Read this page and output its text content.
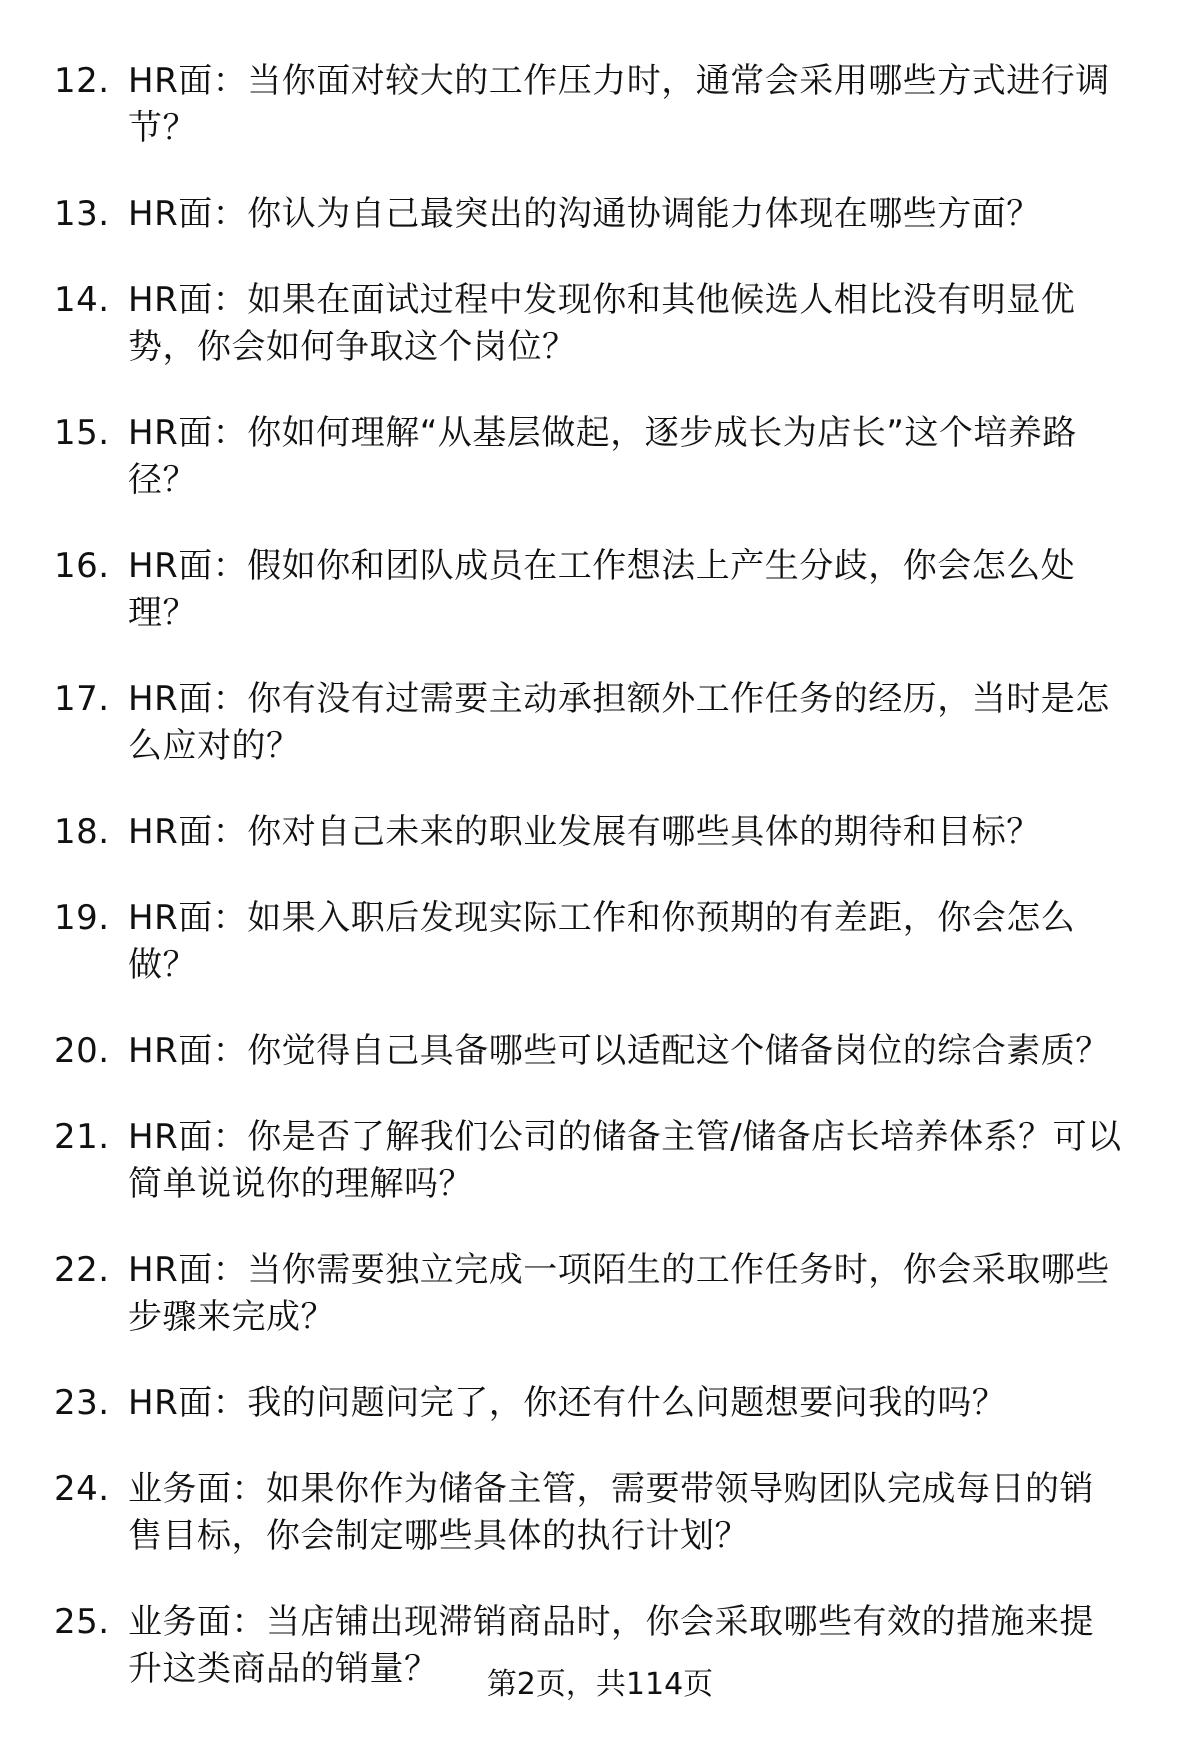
12. HR面：当你面对较大的工作压力时，通常会采用哪些方式进行调节？
13. HR面：你认为自己最突出的沟通协调能力体现在哪些方面？
14. HR面：如果在面试过程中发现你和其他候选人相比没有明显优势，你会如何争取这个岗位？
15. HR面：你如何理解“从基层做起，逐步成长为店长”这个培养路径？
16. HR面：假如你和团队成员在工作想法上产生分歧，你会怎么处理？
17. HR面：你有没有过需要主动承担额外工作任务的经历，当时是怎么应对的？
18. HR面：你对自己未来的职业发展有哪些具体的期待和目标？
19. HR面：如果入职后发现实际工作和你预期的有差距，你会怎么做？
20. HR面：你觉得自己具备哪些可以适配这个储备岗位的综合素质？
21. HR面：你是否了解我们公司的储备主管/储备店长培养体系？可以简单说说你的理解吗？
22. HR面：当你需要独立完成一项陌生的工作任务时，你会采取哪些步骤来完成？
23. HR面：我的问题问完了，你还有什么问题想要问我的吗？
24. 业务面：如果你作为储备主管，需要带领导购团队完成每日的销售目标，你会制定哪些具体的执行计划？
25. 业务面：当店铺出现滞销商品时，你会采取哪些有效的措施来提升这类商品的销量？	第2页，共114页
